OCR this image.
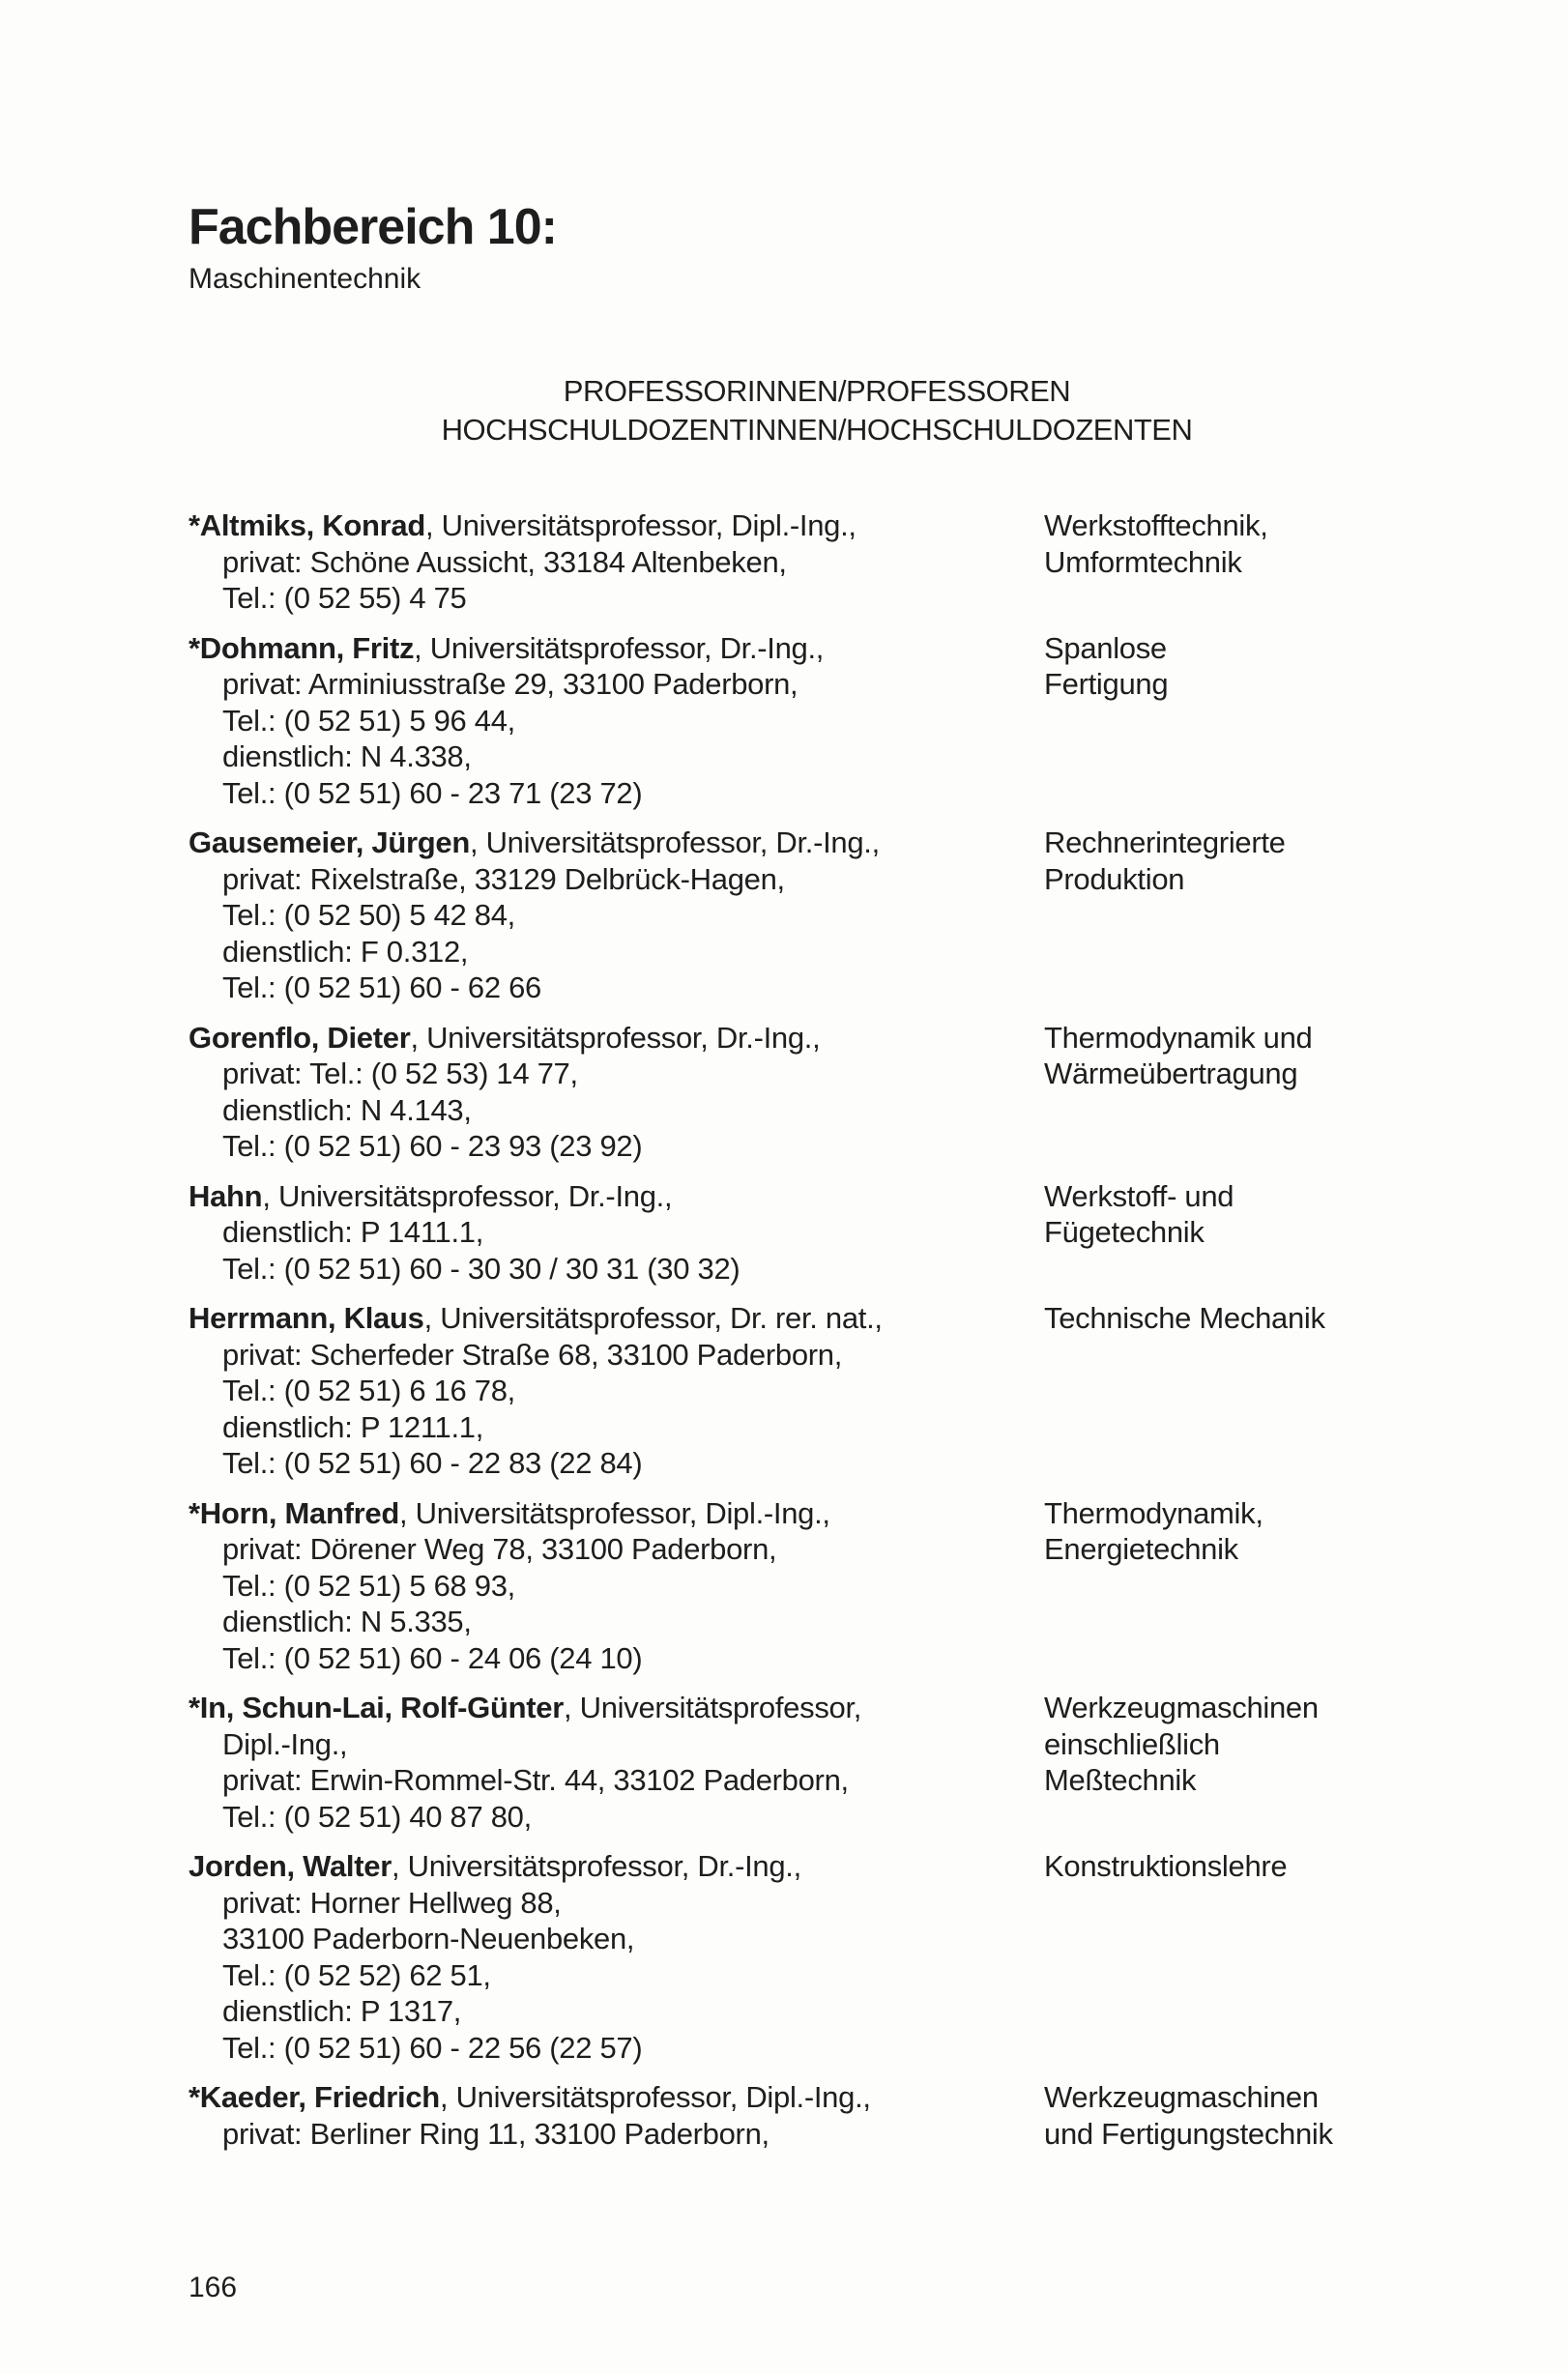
Fachbereich 10:
Maschinentechnik
PROFESSORINNEN/PROFESSOREN
HOCHSCHULDOZENTINNEN/HOCHSCHULDOZENTEN
*Altmiks, Konrad, Universitätsprofessor, Dipl.-Ing.,
privat: Schöne Aussicht, 33184 Altenbeken,
Tel.: (0 52 55) 4 75
Werkstofftechnik,
Umformtechnik
*Dohmann, Fritz, Universitätsprofessor, Dr.-Ing.,
privat: Arminiusstraße 29, 33100 Paderborn,
Tel.: (0 52 51) 5 96 44,
dienstlich: N 4.338,
Tel.: (0 52 51) 60 - 23 71 (23 72)
Spanlose
Fertigung
Gausemeier, Jürgen, Universitätsprofessor, Dr.-Ing.,
privat: Rixelstraße, 33129 Delbrück-Hagen,
Tel.: (0 52 50) 5 42 84,
dienstlich: F 0.312,
Tel.: (0 52 51) 60 - 62 66
Rechnerintegrierte
Produktion
Gorenflo, Dieter, Universitätsprofessor, Dr.-Ing.,
privat: Tel.: (0 52 53) 14 77,
dienstlich: N 4.143,
Tel.: (0 52 51) 60 - 23 93 (23 92)
Thermodynamik und
Wärmeübertragung
Hahn, Universitätsprofessor, Dr.-Ing.,
dienstlich: P 1411.1,
Tel.: (0 52 51) 60 - 30 30 / 30 31 (30 32)
Werkstoff- und
Fügetechnik
Herrmann, Klaus, Universitätsprofessor, Dr. rer. nat.,
privat: Scherfeder Straße 68, 33100 Paderborn,
Tel.: (0 52 51) 6 16 78,
dienstlich: P 1211.1,
Tel.: (0 52 51) 60 - 22 83 (22 84)
Technische Mechanik
*Horn, Manfred, Universitätsprofessor, Dipl.-Ing.,
privat: Dörener Weg 78, 33100 Paderborn,
Tel.: (0 52 51) 5 68 93,
dienstlich: N 5.335,
Tel.: (0 52 51) 60 - 24 06 (24 10)
Thermodynamik,
Energietechnik
*In, Schun-Lai, Rolf-Günter, Universitätsprofessor,
Dipl.-Ing.,
privat: Erwin-Rommel-Str. 44, 33102 Paderborn,
Tel.: (0 52 51) 40 87 80,
Werkzeugmaschinen
einschließlich
Meßtechnik
Jorden, Walter, Universitätsprofessor, Dr.-Ing.,
privat: Horner Hellweg 88,
33100 Paderborn-Neuenbeken,
Tel.: (0 52 52) 62 51,
dienstlich: P 1317,
Tel.: (0 52 51) 60 - 22 56 (22 57)
Konstruktionslehre
*Kaeder, Friedrich, Universitätsprofessor, Dipl.-Ing.,
privat: Berliner Ring 11, 33100 Paderborn,
Werkzeugmaschinen
und Fertigungstechnik
166
